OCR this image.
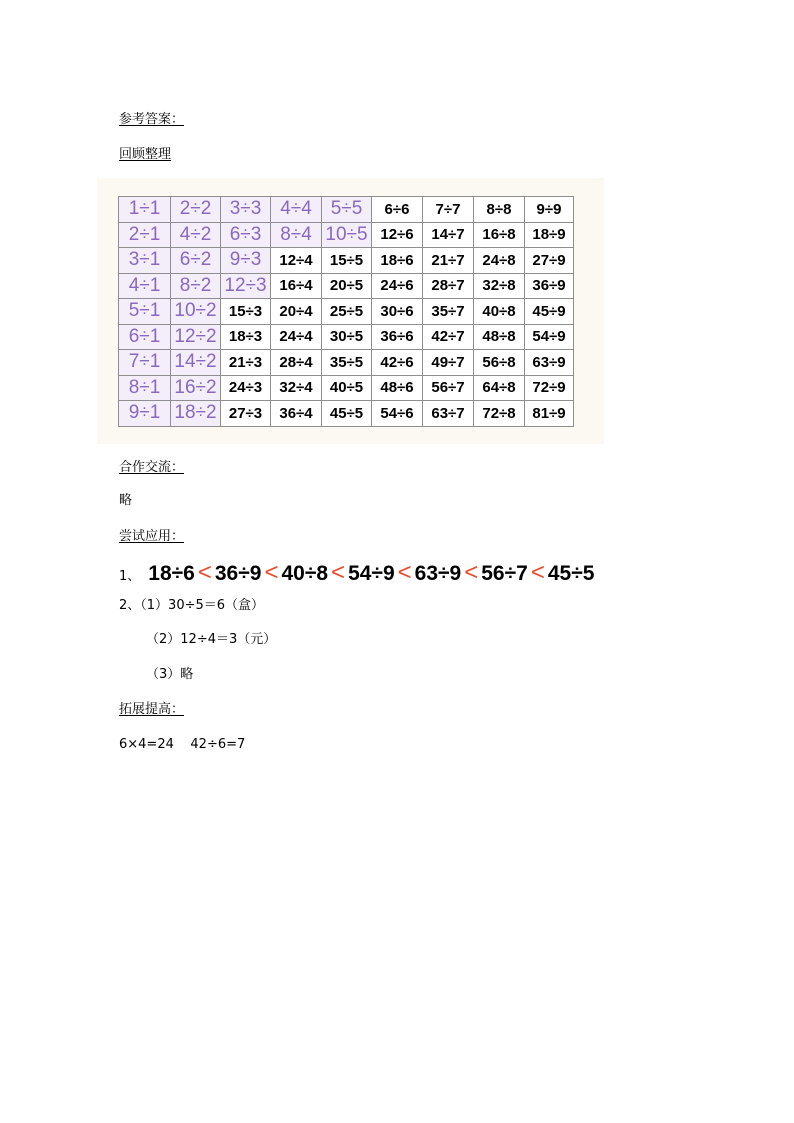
参考答案：
回顾整理
1÷1	2÷2	3÷3	4÷4	5÷5	6÷6	7÷7	8÷8	9÷9
2÷1	4÷2	6÷3	8÷4	10÷5	12÷6	14÷7	16÷8	18÷9
3÷1	6÷2	9÷3	12÷4	15÷5	18÷6	21÷7	24÷8	27÷9
4÷1	8÷2	12÷3	16÷4	20÷5	24÷6	28÷7	32÷8	36÷9
5÷1	10÷2	15÷3	20÷4	25÷5	30÷6	35÷7	40÷8	45÷9
6÷1	12÷2	18÷3	24÷4	30÷5	36÷6	42÷7	48÷8	54÷9
7÷1	14÷2	21÷3	28÷4	35÷5	42÷6	49÷7	56÷8	63÷9
8÷1	16÷2	24÷3	32÷4	40÷5	48÷6	56÷7	64÷8	72÷9
9÷1	18÷2	27÷3	36÷4	45÷5	54÷6	63÷7	72÷8	81÷9
合作交流：
略
尝试应用：
1、 18÷6 < 36÷9 < 40÷8 < 54÷9 < 63÷9 < 56÷7 < 45÷5
2、（1）30÷5＝6（盒）
（2）12÷4＝3（元）
（3）略
拓展提高：
6×4=24    42÷6=7
